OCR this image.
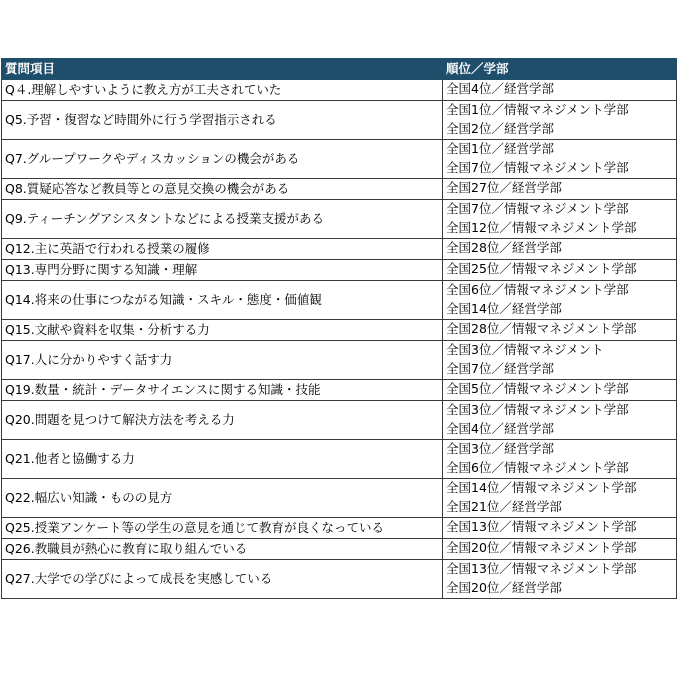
質問項目	順位／学部
Q４.理解しやすいように教え方が工夫されていた	全国4位／経営学部

Q5.予習・復習など時間外に行う学習指示される	全国1位／情報マネジメント学部
全国2位／経営学部

Q7.グループワークやディスカッションの機会がある	全国1位／経営学部
全国7位／情報マネジメント学部

Q8.質疑応答など教員等との意見交換の機会がある	全国27位／経営学部

Q9.ティーチングアシスタントなどによる授業支援がある	全国7位／情報マネジメント学部
全国12位／情報マネジメント学部

Q12.主に英語で行われる授業の履修	全国28位／経営学部

Q13.専門分野に関する知識・理解	全国25位／情報マネジメント学部

Q14.将来の仕事につながる知識・スキル・態度・価値観	全国6位／情報マネジメント学部
全国14位／経営学部

Q15.文献や資料を収集・分析する力	全国28位／情報マネジメント学部

Q17.人に分かりやすく話す力	全国3位／情報マネジメント
全国7位／経営学部

Q19.数量・統計・データサイエンスに関する知識・技能	全国5位／情報マネジメント学部

Q20.問題を見つけて解決方法を考える力	全国3位／情報マネジメント学部
全国4位／経営学部

Q21.他者と協働する力	全国3位／経営学部
全国6位／情報マネジメント学部

Q22.幅広い知識・ものの見方	全国14位／情報マネジメント学部
全国21位／経営学部

Q25.授業アンケート等の学生の意見を通じて教育が良くなっている	全国13位／情報マネジメント学部

Q26.教職員が熱心に教育に取り組んでいる	全国20位／情報マネジメント学部

Q27.大学での学びによって成長を実感している	全国13位／情報マネジメント学部
全国20位／経営学部
